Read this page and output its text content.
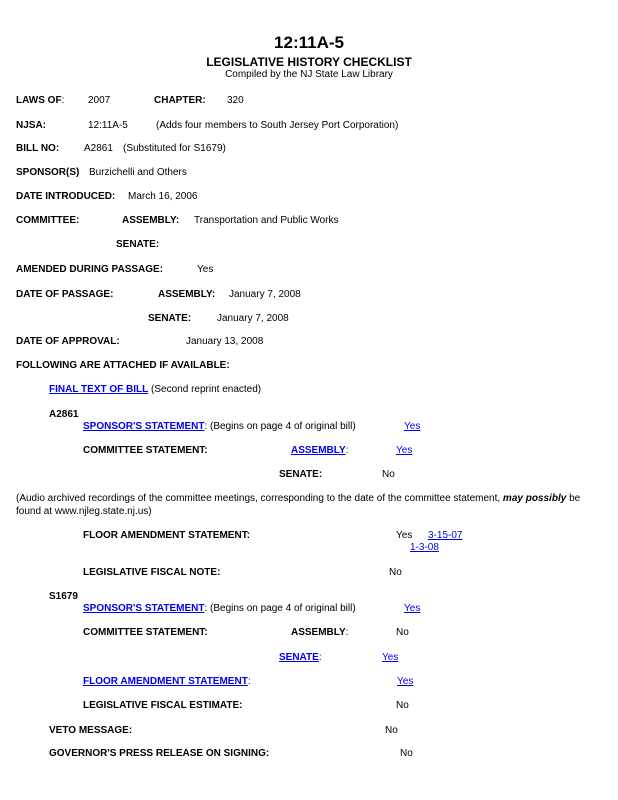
12:11A-5
LEGISLATIVE HISTORY CHECKLIST
Compiled by the NJ State Law Library
LAWS OF: 2007	CHAPTER: 320
NJSA:	12:11A-5	(Adds four members to South Jersey Port Corporation)
BILL NO: A2861 (Substituted for S1679)
SPONSOR(S) Burzichelli and Others
DATE INTRODUCED: March 16, 2006
COMMITTEE:	ASSEMBLY: Transportation and Public Works
SENATE:
AMENDED DURING PASSAGE:	Yes
DATE OF PASSAGE:	ASSEMBLY: January 7, 2008
SENATE:	January 7, 2008
DATE OF APPROVAL:	January 13, 2008
FOLLOWING ARE ATTACHED IF AVAILABLE:
FINAL TEXT OF BILL (Second reprint enacted)
A2861
SPONSOR'S STATEMENT: (Begins on page 4 of original bill)	Yes
COMMITTEE STATEMENT:	ASSEMBLY:	Yes
SENATE:	No
(Audio archived recordings of the committee meetings, corresponding to the date of the committee statement, may possibly be
found at www.njleg.state.nj.us)
FLOOR AMENDMENT STATEMENT:	Yes 3-15-07
1-3-08
LEGISLATIVE FISCAL NOTE:	No
S1679
SPONSOR'S STATEMENT: (Begins on page 4 of original bill)	Yes
COMMITTEE STATEMENT:	ASSEMBLY:	No
SENATE:	Yes
FLOOR AMENDMENT STATEMENT:	Yes
LEGISLATIVE FISCAL ESTIMATE:	No
VETO MESSAGE:	No
GOVERNOR'S PRESS RELEASE ON SIGNING:	No
